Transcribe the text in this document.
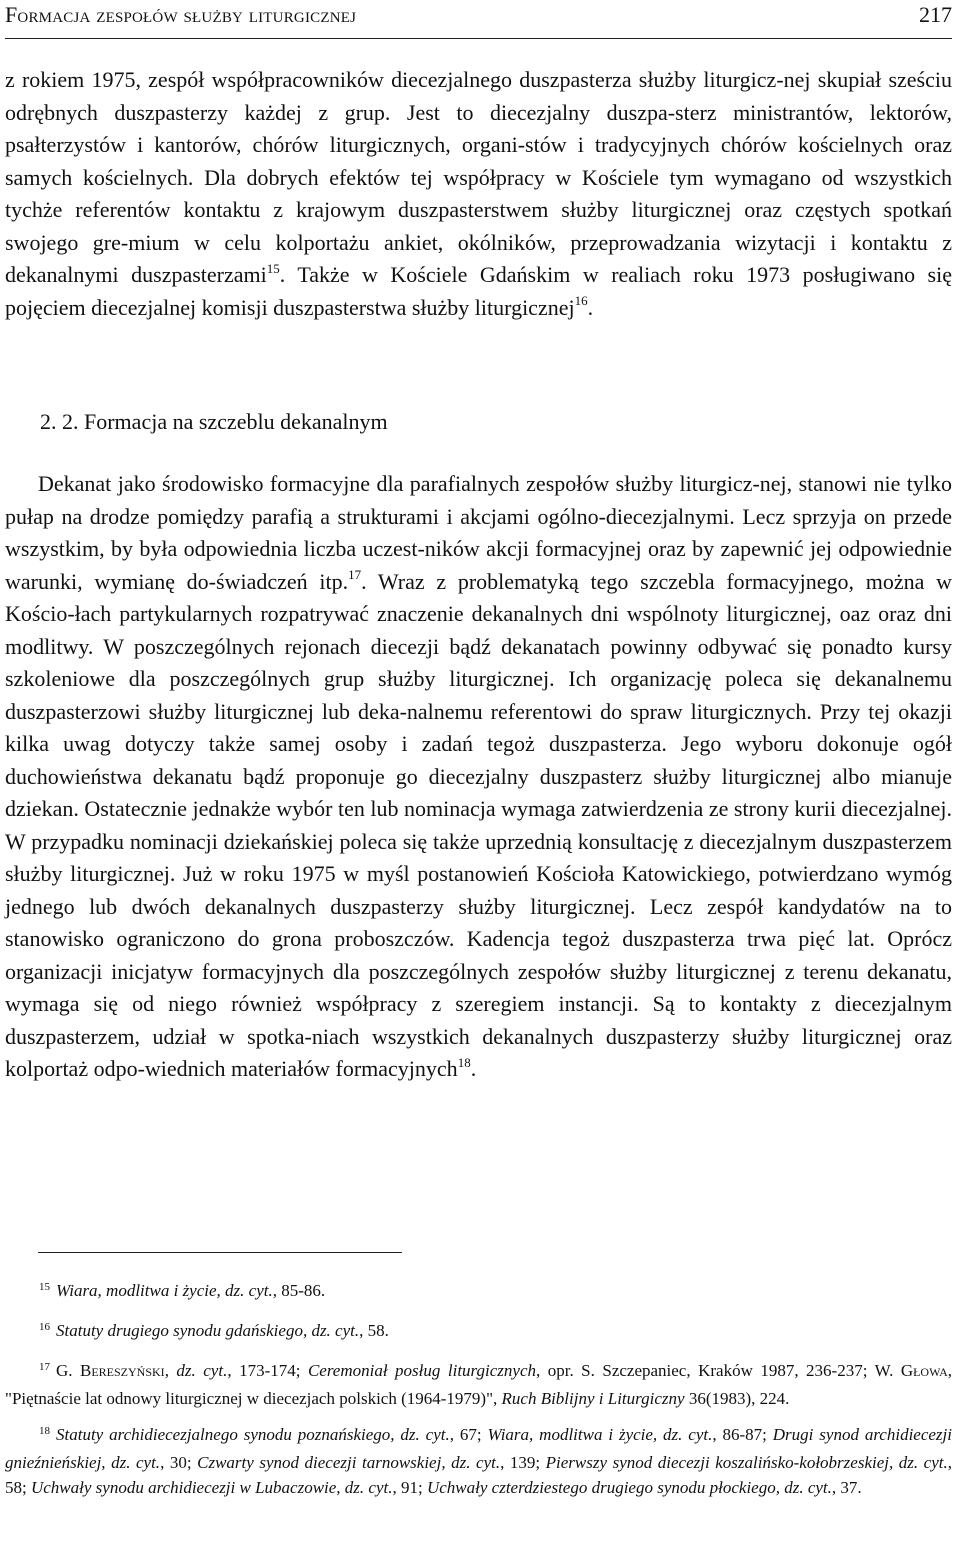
Formacja zespołów służby liturgicznej	217
z rokiem 1975, zespół współpracowników diecezjalnego duszpasterza służby liturgicz-nej skupiał sześciu odrębnych duszpasterzy każdej z grup. Jest to diecezjalny duszpa-sterz ministrantów, lektorów, psałterzystów i kantorów, chórów liturgicznych, organi-stów i tradycyjnych chórów kościelnych oraz samych kościelnych. Dla dobrych efektów tej współpracy w Kościele tym wymagano od wszystkich tychże referentów kontaktu z krajowym duszpasterstwem służby liturgicznej oraz częstych spotkań swojego gre-mium w celu kolportażu ankiet, okólników, przeprowadzania wizytacji i kontaktu z dekanalnymi duszpasterzami$^{15}$. Także w Kościele Gdańskim w realiach roku 1973 posługiwano się pojęciem diecezjalnej komisji duszpasterstwa służby liturgicznej$^{16}$.
2. 2. Formacja na szczeblu dekanalnym
Dekanat jako środowisko formacyjne dla parafialnych zespołów służby liturgicz-nej, stanowi nie tylko pułap na drodze pomiędzy parafią a strukturami i akcjami ogólno-diecezjalnymi. Lecz sprzyja on przede wszystkim, by była odpowiednia liczba uczest-ników akcji formacyjnej oraz by zapewnić jej odpowiednie warunki, wymianę do-świadczeń itp.$^{17}$. Wraz z problematyką tego szczebla formacyjnego, można w Kościo-łach partykularnych rozpatrywać znaczenie dekanalnych dni wspólnoty liturgicznej, oaz oraz dni modlitwy. W poszczególnych rejonach diecezji bądź dekanatach powinny odbywać się ponadto kursy szkoleniowe dla poszczególnych grup służby liturgicznej. Ich organizację poleca się dekanalnemu duszpasterzowi służby liturgicznej lub deka-nalnemu referentowi do spraw liturgicznych. Przy tej okazji kilka uwag dotyczy także samej osoby i zadań tegoż duszpasterza. Jego wyboru dokonuje ogół duchowieństwa dekanatu bądź proponuje go diecezjalny duszpasterz służby liturgicznej albo mianuje dziekan. Ostatecznie jednakże wybór ten lub nominacja wymaga zatwierdzenia ze strony kurii diecezjalnej. W przypadku nominacji dziekańskiej poleca się także uprzednią konsultację z diecezjalnym duszpasterzem służby liturgicznej. Już w roku 1975 w myśl postanowień Kościoła Katowickiego, potwierdzano wymóg jednego lub dwóch dekanalnych duszpasterzy służby liturgicznej. Lecz zespół kandydatów na to stanowisko ograniczono do grona proboszczów. Kadencja tegoż duszpasterza trwa pięć lat. Oprócz organizacji inicjatyw formacyjnych dla poszczególnych zespołów służby liturgicznej z terenu dekanatu, wymaga się od niego również współpracy z szeregiem instancji. Są to kontakty z diecezjalnym duszpasterzem, udział w spotka-niach wszystkich dekanalnych duszpasterzy służby liturgicznej oraz kolportaż odpo-wiednich materiałów formacyjnych$^{18}$.
$^{15}$ Wiara, modlitwa i życie, dz. cyt., 85-86.
$^{16}$ Statuty drugiego synodu gdańskiego, dz. cyt., 58.
$^{17}$ G. Bereszyński, dz. cyt., 173-174; Ceremoniał posług liturgicznych, opr. S. Szczepaniec, Kraków 1987, 236-237; W. Głowa, "Piętnaście lat odnowy liturgicznej w diecezjach polskich (1964-1979)", Ruch Biblijny i Liturgiczny 36(1983), 224.
$^{18}$ Statuty archidiecezjalnego synodu poznańskiego, dz. cyt., 67; Wiara, modlitwa i życie, dz. cyt., 86-87; Drugi synod archidiecezji gnieźnieńskiej, dz. cyt., 30; Czwarty synod diecezji tarnowskiej, dz. cyt., 139; Pierwszy synod diecezji koszalińsko-kołobrzeskiej, dz. cyt., 58; Uchwały synodu archidiecezji w Lubaczowie, dz. cyt., 91; Uchwały czterdziestego drugiego synodu płockiego, dz. cyt., 37.
